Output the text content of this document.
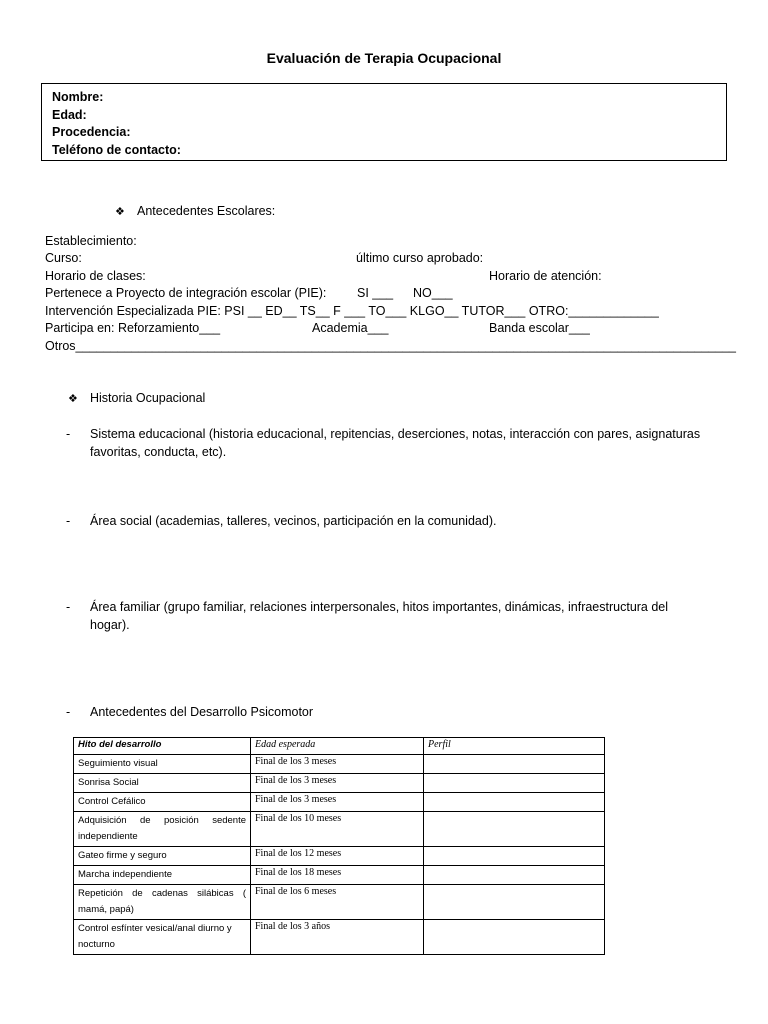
Evaluación de Terapia Ocupacional
Nombre:
Edad:
Procedencia:
Teléfono de contacto:
❖ Antecedentes Escolares:
Establecimiento:
Curso:	último curso aprobado:
Horario de clases:	Horario de atención:
Pertenece a Proyecto de integración escolar (PIE): SI ___ NO___
Intervención Especializada PIE: PSI __ ED__ TS__ F ___ TO___ KLGO__ TUTOR___ OTRO:_____________
Participa en: Reforzamiento___	Academia___	Banda escolar___
Otros_______________________________________________________________________________________________
❖ Historia Ocupacional
- Sistema educacional (historia educacional, repitencias, deserciones, notas, interacción con pares, asignaturas favoritas, conducta, etc).
- Área social (academias, talleres, vecinos, participación en la comunidad).
- Área familiar (grupo familiar, relaciones interpersonales, hitos importantes, dinámicas, infraestructura del hogar).
- Antecedentes del Desarrollo Psicomotor
Hito del desarrollo	Edad esperada	Perfil
Seguimiento visual	Final de los 3 meses	
Sonrisa Social	Final de los 3 meses	
Control Cefálico	Final de los 3 meses	
Adquisición de posición sedente independiente	Final de los 10 meses	
Gateo firme y seguro	Final de los 12 meses	
Marcha independiente	Final de los 18 meses	
Repetición de cadenas silábicas ( mamá, papá)	Final de los 6 meses	
Control esfínter vesical/anal diurno y nocturno	Final de los 3 años	
